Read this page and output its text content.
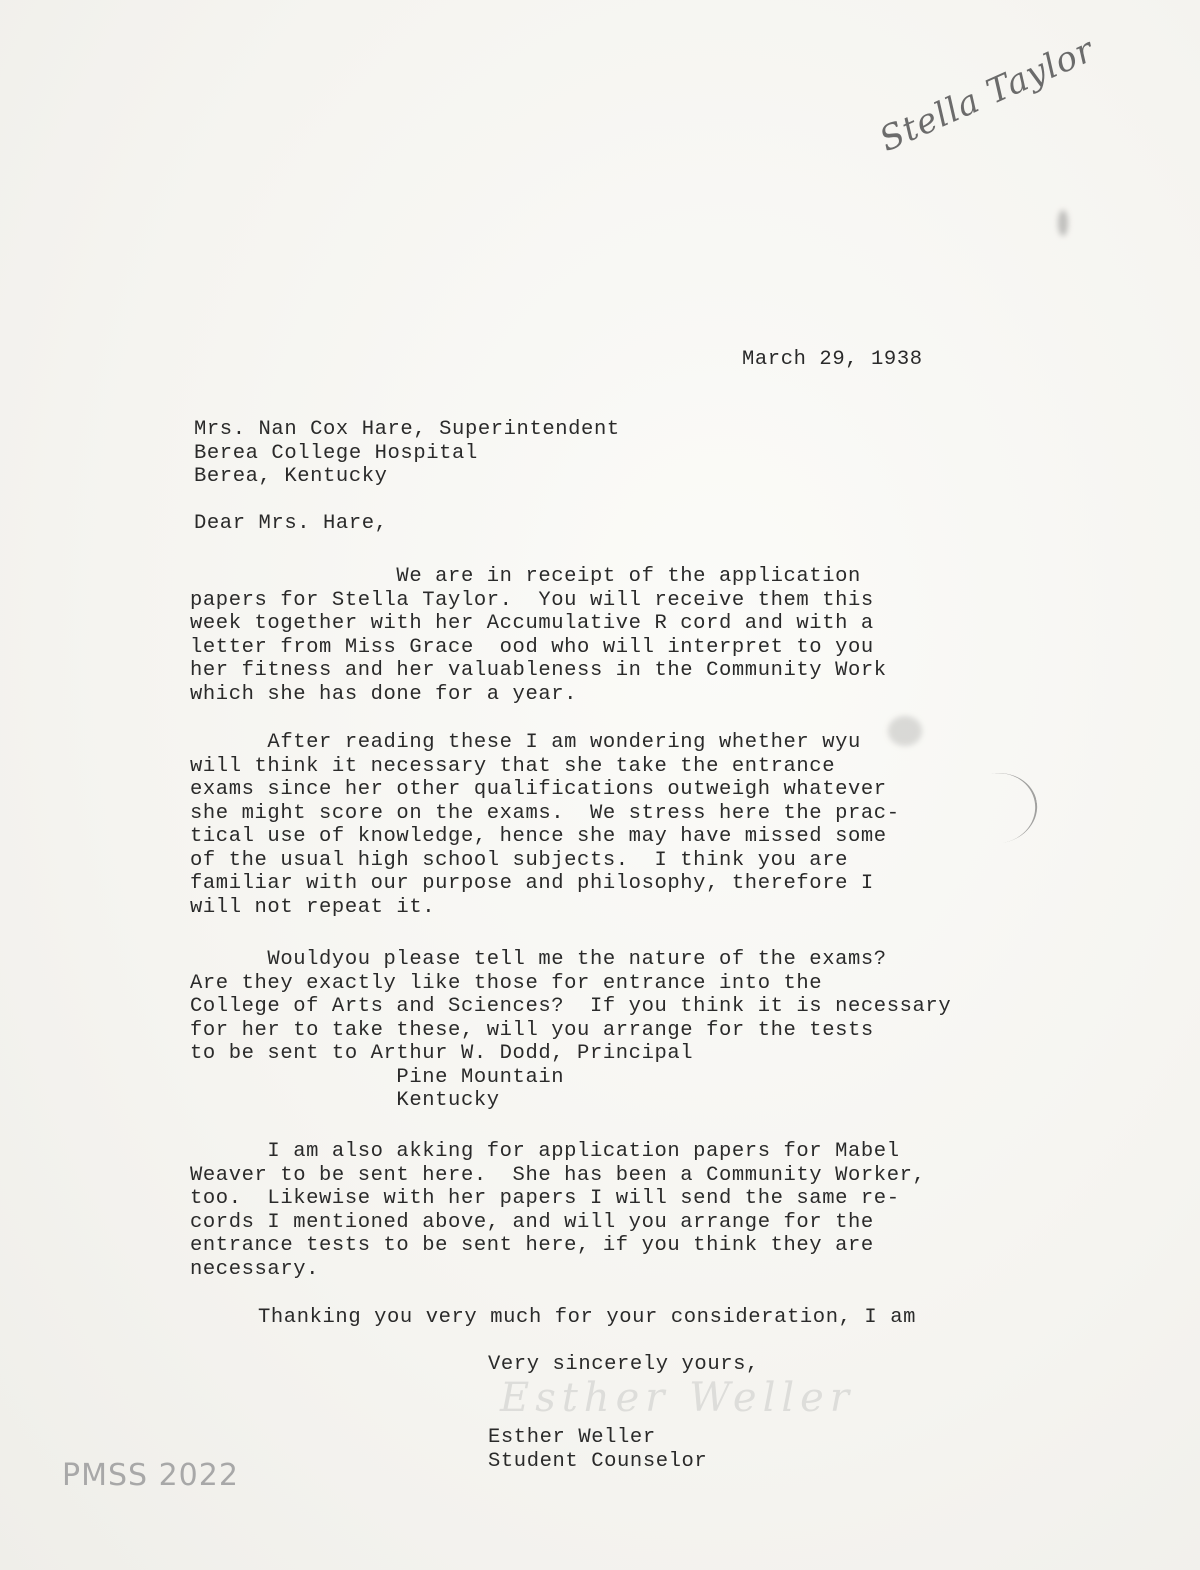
Stella Taylor
March 29, 1938
Mrs. Nan Cox Hare, Superintendent
Berea College Hospital
Berea, Kentucky
Dear Mrs. Hare,
We are in receipt of the application
papers for Stella Taylor.  You will receive them this
week together with her Accumulative R cord and with a
letter from Miss Grace  ood who will interpret to you
her fitness and her valuableness in the Community Work
which she has done for a year.
After reading these I am wondering whether wyu
will think it necessary that she take the entrance
exams since her other qualifications outweigh whatever
she might score on the exams.  We stress here the prac-
tical use of knowledge, hence she may have missed some
of the usual high school subjects.  I think you are
familiar with our purpose and philosophy, therefore I
will not repeat it.
Wouldyou please tell me the nature of the exams?
Are they exactly like those for entrance into the
College of Arts and Sciences?  If you think it is necessary
for her to take these, will you arrange for the tests
to be sent to Arthur W. Dodd, Principal
Pine Mountain
Kentucky
I am also akking for application papers for Mabel
Weaver to be sent here.  She has been a Community Worker,
too.  Likewise with her papers I will send the same re-
cords I mentioned above, and will you arrange for the
entrance tests to be sent here, if you think they are
necessary.
Thanking you very much for your consideration, I am
Very sincerely yours,
Esther Weller
Esther Weller
Student Counselor
PMSS 2022
